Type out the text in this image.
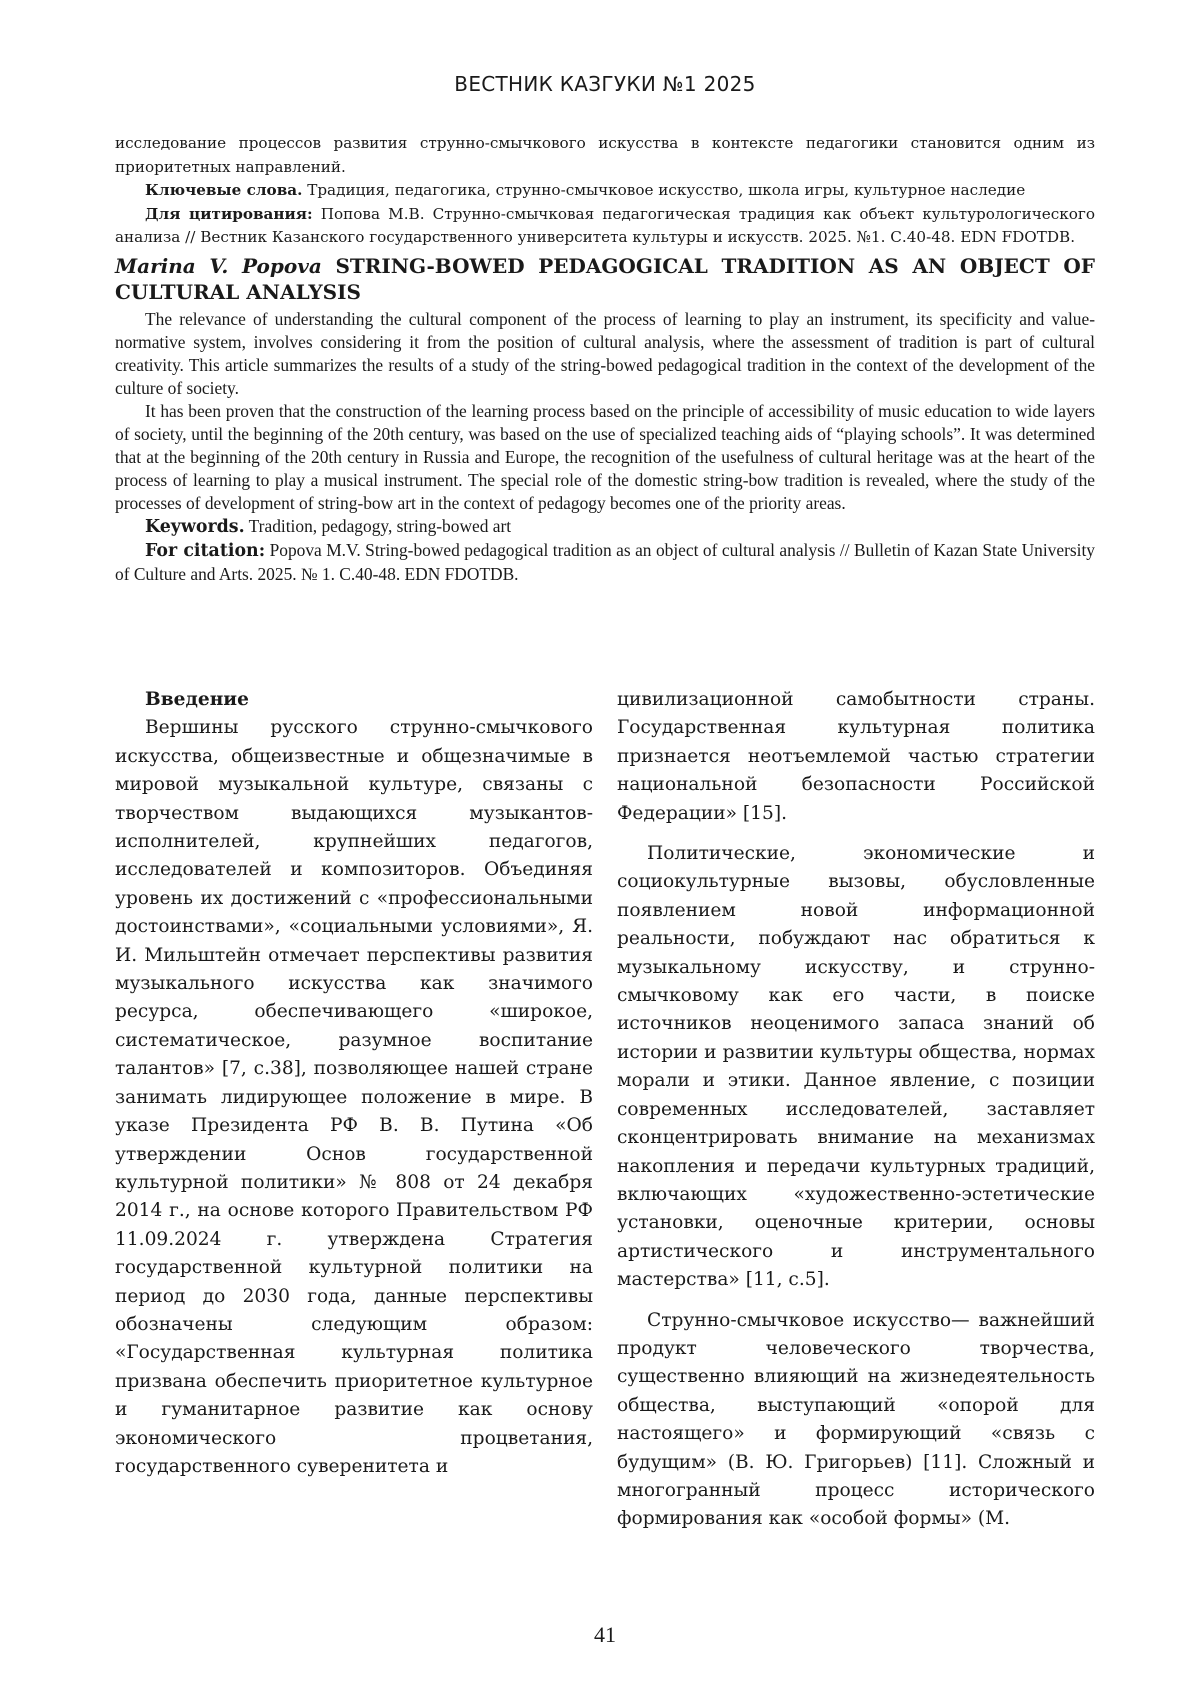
ВЕСТНИК КАЗГУКИ №1 2025

исследование процессов развития струнно-смычкового искусства в контексте педагогики становится одним из приоритетных направлений.

Ключевые слова. Традиция, педагогика, струнно-смычковое искусство, школа игры, культурное наследие

Для цитирования: Попова М.В. Струнно-смычковая педагогическая традиция как объект культурологического анализа // Вестник Казанского государственного университета культуры и искусств. 2025. №1. С.40-48. EDN FDOTDB.

Marina V. Popova STRING-BOWED PEDAGOGICAL TRADITION AS AN OBJECT OF CULTURAL ANALYSIS

The relevance of understanding the cultural component of the process of learning to play an instrument, its specificity and value-normative system, involves considering it from the position of cultural analysis, where the assessment of tradition is part of cultural creativity. This article summarizes the results of a study of the string-bowed pedagogical tradition in the context of the development of the culture of society.

It has been proven that the construction of the learning process based on the principle of accessibility of music education to wide layers of society, until the beginning of the 20th century, was based on the use of specialized teaching aids of “playing schools”. It was determined that at the beginning of the 20th century in Russia and Europe, the recognition of the usefulness of cultural heritage was at the heart of the process of learning to play a musical instrument. The special role of the domestic string-bow tradition is revealed, where the study of the processes of development of string-bow art in the context of pedagogy becomes one of the priority areas.

Keywords. Tradition, pedagogy, string-bowed art

For citation: Popova M.V. String-bowed pedagogical tradition as an object of cultural analysis // Bulletin of Kazan State University of Culture and Arts. 2025. № 1. С.40-48. EDN FDOTDB.

Введение

Вершины русского струнно-смычкового искусства, общеизвестные и общезначимые в мировой музыкальной культуре, связаны с творчеством выдающихся музыкантов-исполнителей, крупнейших педагогов, исследователей и композиторов. Объединяя уровень их достижений с «профессиональными достоинствами», «социальными условиями», Я. И. Мильштейн отмечает перспективы развития музыкального искусства как значимого ресурса, обеспечивающего «широкое, систематическое, разумное воспитание талантов» [7, с.38], позволяющее нашей стране занимать лидирующее положение в мире. В указе Президента РФ В. В. Путина «Об утверждении Основ государственной культурной политики» № 808 от 24 декабря 2014 г., на основе которого Правительством РФ 11.09.2024 г. утверждена Стратегия государственной культурной политики на период до 2030 года, данные перспективы обозначены следующим образом: «Государственная культурная политика призвана обеспечить приоритетное культурное и гуманитарное развитие как основу экономического процветания, государственного суверенитета и

цивилизационной самобытности страны. Государственная культурная политика признается неотъемлемой частью стратегии национальной безопасности Российской Федерации» [15].

Политические, экономические и социокультурные вызовы, обусловленные появлением новой информационной реальности, побуждают нас обратиться к музыкальному искусству, и струнно-смычковому как его части, в поиске источников неоценимого запаса знаний об истории и развитии культуры общества, нормах морали и этики. Данное явление, с позиции современных исследователей, заставляет сконцентрировать внимание на механизмах накопления и передачи культурных традиций, включающих «художественно-эстетические установки, оценочные критерии, основы артистического и инструментального мастерства» [11, с.5].

Струнно-смычковое искусство— важнейший продукт человеческого творчества, существенно влияющий на жизнедеятельность общества, выступающий «опорой для настоящего» и формирующий «связь с будущим» (В. Ю. Григорьев) [11]. Сложный и многогранный процесс исторического формирования как «особой формы» (М.

41
